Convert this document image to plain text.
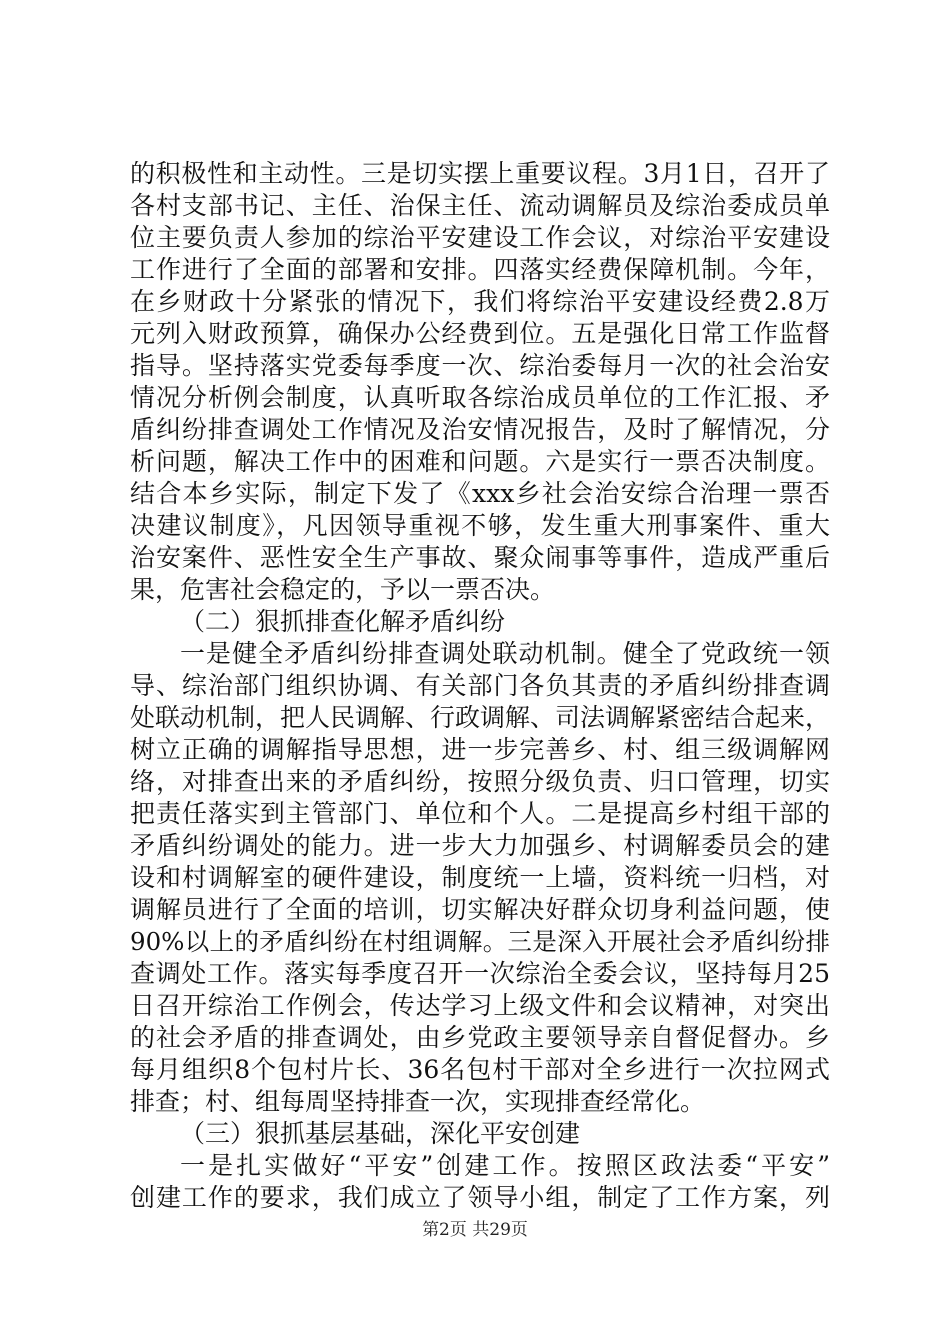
的积极性和主动性。三是切实摆上重要议程。3月1日，召开了
各村支部书记、主任、治保主任、流动调解员及综治委成员单
位主要负责人参加的综治平安建设工作会议，对综治平安建设
工作进行了全面的部署和安排。四落实经费保障机制。今年，
在乡财政十分紧张的情况下，我们将综治平安建设经费2.8万
元列入财政预算，确保办公经费到位。五是强化日常工作监督
指导。坚持落实党委每季度一次、综治委每月一次的社会治安
情况分析例会制度，认真听取各综治成员单位的工作汇报、矛
盾纠纷排查调处工作情况及治安情况报告，及时了解情况，分
析问题，解决工作中的困难和问题。六是实行一票否决制度。
结合本乡实际，制定下发了《xxx乡社会治安综合治理一票否
决建议制度》，凡因领导重视不够，发生重大刑事案件、重大
治安案件、恶性安全生产事故、聚众闹事等事件，造成严重后
果，危害社会稳定的，予以一票否决。
（二）狠抓排查化解矛盾纠纷
一是健全矛盾纠纷排查调处联动机制。健全了党政统一领
导、综治部门组织协调、有关部门各负其责的矛盾纠纷排查调
处联动机制，把人民调解、行政调解、司法调解紧密结合起来，
树立正确的调解指导思想，进一步完善乡、村、组三级调解网
络，对排查出来的矛盾纠纷，按照分级负责、归口管理，切实
把责任落实到主管部门、单位和个人。二是提高乡村组干部的
矛盾纠纷调处的能力。进一步大力加强乡、村调解委员会的建
设和村调解室的硬件建设，制度统一上墙，资料统一归档，对
调解员进行了全面的培训，切实解决好群众切身利益问题，使
90%以上的矛盾纠纷在村组调解。三是深入开展社会矛盾纠纷排
查调处工作。落实每季度召开一次综治全委会议，坚持每月25
日召开综治工作例会，传达学习上级文件和会议精神，对突出
的社会矛盾的排查调处，由乡党政主要领导亲自督促督办。乡
每月组织8个包村片长、36名包村干部对全乡进行一次拉网式
排查；村、组每周坚持排查一次，实现排查经常化。
（三）狠抓基层基础，深化平安创建
一是扎实做好“平安”创建工作。按照区政法委“平安”
创建工作的要求，我们成立了领导小组，制定了工作方案，列
第2页 共29页
